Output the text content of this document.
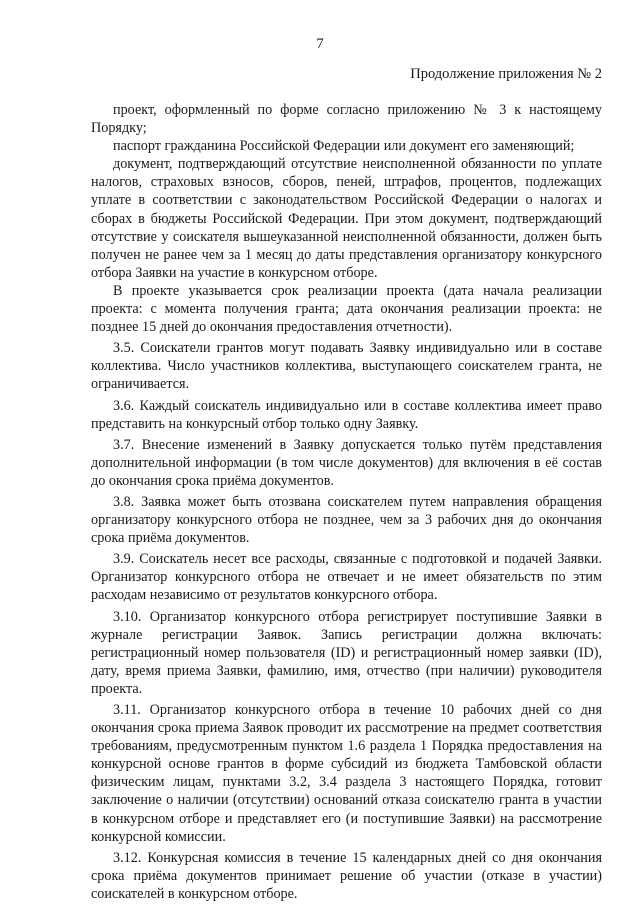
7
Продолжение приложения № 2

проект, оформленный по форме согласно приложению № 3 к настоящему Порядку;

паспорт гражданина Российской Федерации или документ его заменяющий;

документ, подтверждающий отсутствие неисполненной обязанности по уплате налогов, страховых взносов, сборов, пеней, штрафов, процентов, подлежащих уплате в соответствии с законодательством Российской Федерации о налогах и сборах в бюджеты Российской Федерации. При этом документ, подтверждающий отсутствие у соискателя вышеуказанной неисполненной обязанности, должен быть получен не ранее чем за 1 месяц до даты представления организатору конкурсного отбора Заявки на участие в конкурсном отборе.

В проекте указывается срок реализации проекта (дата начала реализации проекта: с момента получения гранта; дата окончания реализации проекта: не позднее 15 дней до окончания предоставления отчетности).

3.5. Соискатели грантов могут подавать Заявку индивидуально или в составе коллектива. Число участников коллектива, выступающего соискателем гранта, не ограничивается.

3.6. Каждый соискатель индивидуально или в составе коллектива имеет право представить на конкурсный отбор только одну Заявку.

3.7. Внесение изменений в Заявку допускается только путём представления дополнительной информации (в том числе документов) для включения в её состав до окончания срока приёма документов.

3.8. Заявка может быть отозвана соискателем путем направления обращения организатору конкурсного отбора не позднее, чем за 3 рабочих дня до окончания срока приёма документов.

3.9. Соискатель несет все расходы, связанные с подготовкой и подачей Заявки. Организатор конкурсного отбора не отвечает и не имеет обязательств по этим расходам независимо от результатов конкурсного отбора.

3.10. Организатор конкурсного отбора регистрирует поступившие Заявки в журнале регистрации Заявок. Запись регистрации должна включать: регистрационный номер пользователя (ID) и регистрационный номер заявки (ID), дату, время приема Заявки, фамилию, имя, отчество (при наличии) руководителя проекта.

3.11. Организатор конкурсного отбора в течение 10 рабочих дней со дня окончания срока приема Заявок проводит их рассмотрение на предмет соответствия требованиям, предусмотренным пунктом 1.6 раздела 1 Порядка предоставления на конкурсной основе грантов в форме субсидий из бюджета Тамбовской области физическим лицам, пунктами 3.2, 3.4 раздела 3 настоящего Порядка, готовит заключение о наличии (отсутствии) оснований отказа соискателю гранта в участии в конкурсном отборе и представляет его (и поступившие Заявки) на рассмотрение конкурсной комиссии.

3.12. Конкурсная комиссия в течение 15 календарных дней со дня окончания срока приёма документов принимает решение об участии (отказе в участии) соискателей в конкурсном отборе.
